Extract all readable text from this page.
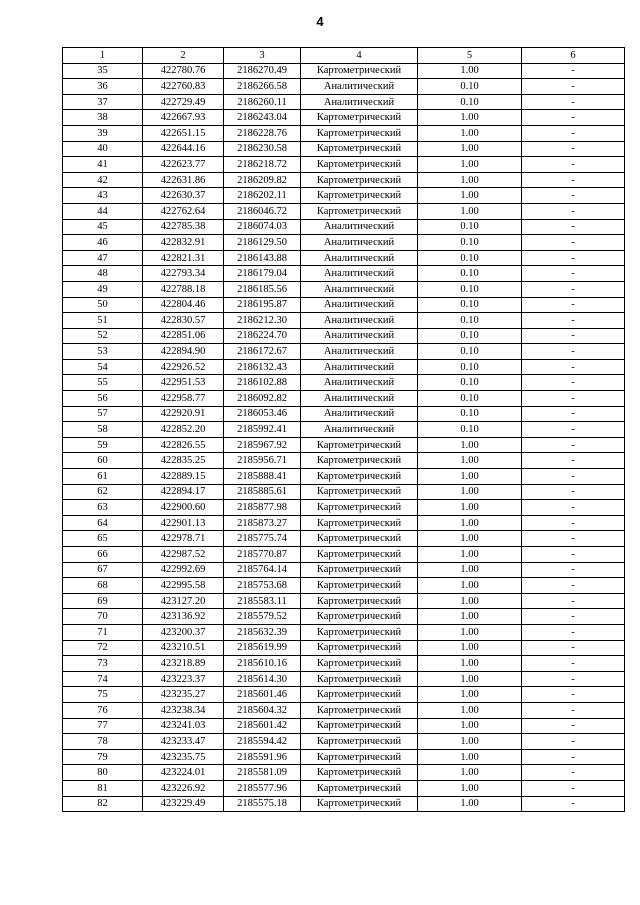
4
1	2	3	4	5	6
35	422780.76	2186270.49	Картометрический	1.00	-
36	422760.83	2186266.58	Аналитический	0.10	-
37	422729.49	2186260.11	Аналитический	0.10	-
38	422667.93	2186243.04	Картометрический	1.00	-
39	422651.15	2186228.76	Картометрический	1.00	-
40	422644.16	2186230.58	Картометрический	1.00	-
41	422623.77	2186218.72	Картометрический	1.00	-
42	422631.86	2186209.82	Картометрический	1.00	-
43	422630.37	2186202.11	Картометрический	1.00	-
44	422762.64	2186046.72	Картометрический	1.00	-
45	422785.38	2186074.03	Аналитический	0.10	-
46	422832.91	2186129.50	Аналитический	0.10	-
47	422821.31	2186143.88	Аналитический	0.10	-
48	422793.34	2186179.04	Аналитический	0.10	-
49	422788.18	2186185.56	Аналитический	0.10	-
50	422804.46	2186195.87	Аналитический	0.10	-
51	422830.57	2186212.30	Аналитический	0.10	-
52	422851.06	2186224.70	Аналитический	0.10	-
53	422894.90	2186172.67	Аналитический	0.10	-
54	422926.52	2186132.43	Аналитический	0.10	-
55	422951.53	2186102.88	Аналитический	0.10	-
56	422958.77	2186092.82	Аналитический	0.10	-
57	422920.91	2186053.46	Аналитический	0.10	-
58	422852.20	2185992.41	Аналитический	0.10	-
59	422826.55	2185967.92	Картометрический	1.00	-
60	422835.25	2185956.71	Картометрический	1.00	-
61	422889.15	2185888.41	Картометрический	1.00	-
62	422894.17	2185885.61	Картометрический	1.00	-
63	422900.60	2185877.98	Картометрический	1.00	-
64	422901.13	2185873.27	Картометрический	1.00	-
65	422978.71	2185775.74	Картометрический	1.00	-
66	422987.52	2185770.87	Картометрический	1.00	-
67	422992.69	2185764.14	Картометрический	1.00	-
68	422995.58	2185753.68	Картометрический	1.00	-
69	423127.20	2185583.11	Картометрический	1.00	-
70	423136.92	2185579.52	Картометрический	1.00	-
71	423200.37	2185632.39	Картометрический	1.00	-
72	423210.51	2185619.99	Картометрический	1.00	-
73	423218.89	2185610.16	Картометрический	1.00	-
74	423223.37	2185614.30	Картометрический	1.00	-
75	423235.27	2185601.46	Картометрический	1.00	-
76	423238.34	2185604.32	Картометрический	1.00	-
77	423241.03	2185601.42	Картометрический	1.00	-
78	423233.47	2185594.42	Картометрический	1.00	-
79	423235.75	2185591.96	Картометрический	1.00	-
80	423224.01	2185581.09	Картометрический	1.00	-
81	423226.92	2185577.96	Картометрический	1.00	-
82	423229.49	2185575.18	Картометрический	1.00	-
